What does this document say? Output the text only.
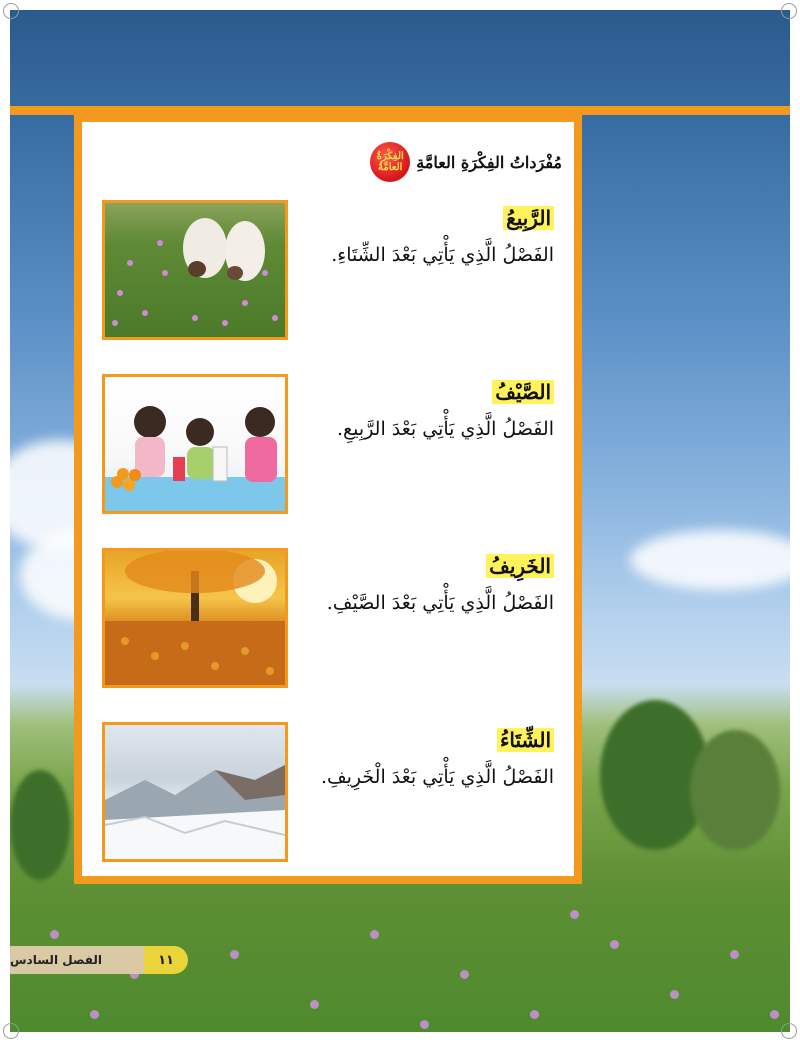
الفِكْرَةُ العامَّةُ مُفْرَداتُ الفِكْرَةِ العامَّةِ
الرَّبِيعُ
الفَصْلُ الَّذِي يَأْتِي بَعْدَ الشِّتَاءِ.
الصَّيْفُ
الفَصْلُ الَّذِي يَأْتِي بَعْدَ الرَّبِيعِ.
الخَرِيفُ
الفَصْلُ الَّذِي يَأْتِي بَعْدَ الصَّيْفِ.
الشِّتَاءُ
الفَصْلُ الَّذِي يَأْتِي بَعْدَ الْخَرِيفِ.
الفصل السادس	١١
